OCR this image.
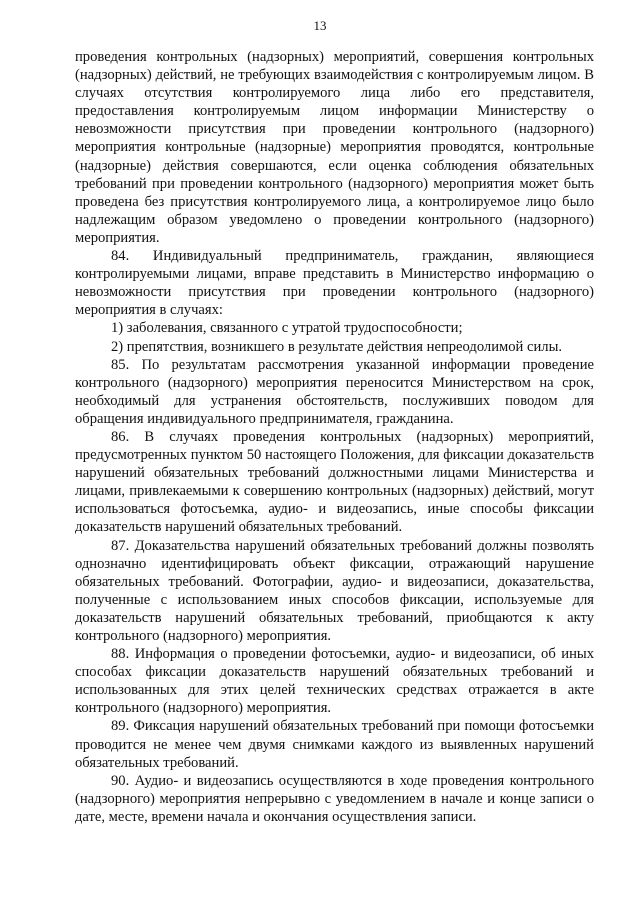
13

проведения контрольных (надзорных) мероприятий, совершения контрольных (надзорных) действий, не требующих взаимодействия с контролируемым лицом. В случаях отсутствия контролируемого лица либо его представителя, предоставления контролируемым лицом информации Министерству о невозможности присутствия при проведении контрольного (надзорного) мероприятия контрольные (надзорные) мероприятия проводятся, контрольные (надзорные) действия совершаются, если оценка соблюдения обязательных требований при проведении контрольного (надзорного) мероприятия может быть проведена без присутствия контролируемого лица, а контролируемое лицо было надлежащим образом уведомлено о проведении контрольного (надзорного) мероприятия.

84. Индивидуальный предприниматель, гражданин, являющиеся контролируемыми лицами, вправе представить в Министерство информацию о невозможности присутствия при проведении контрольного (надзорного) мероприятия в случаях:

1) заболевания, связанного с утратой трудоспособности;

2) препятствия, возникшего в результате действия непреодолимой силы.

85. По результатам рассмотрения указанной информации проведение контрольного (надзорного) мероприятия переносится Министерством на срок, необходимый для устранения обстоятельств, послуживших поводом для обращения индивидуального предпринимателя, гражданина.

86. В случаях проведения контрольных (надзорных) мероприятий, предусмотренных пунктом 50 настоящего Положения, для фиксации доказательств нарушений обязательных требований должностными лицами Министерства и лицами, привлекаемыми к совершению контрольных (надзорных) действий, могут использоваться фотосъемка, аудио- и видеозапись, иные способы фиксации доказательств нарушений обязательных требований.

87. Доказательства нарушений обязательных требований должны позволять однозначно идентифицировать объект фиксации, отражающий нарушение обязательных требований. Фотографии, аудио- и видеозаписи, доказательства, полученные с использованием иных способов фиксации, используемые для доказательств нарушений обязательных требований, приобщаются к акту контрольного (надзорного) мероприятия.

88. Информация о проведении фотосъемки, аудио- и видеозаписи, об иных способах фиксации доказательств нарушений обязательных требований и использованных для этих целей технических средствах отражается в акте контрольного (надзорного) мероприятия.

89. Фиксация нарушений обязательных требований при помощи фотосъемки проводится не менее чем двумя снимками каждого из выявленных нарушений обязательных требований.

90. Аудио- и видеозапись осуществляются в ходе проведения контрольного (надзорного) мероприятия непрерывно с уведомлением в начале и конце записи о дате, месте, времени начала и окончания осуществления записи.
